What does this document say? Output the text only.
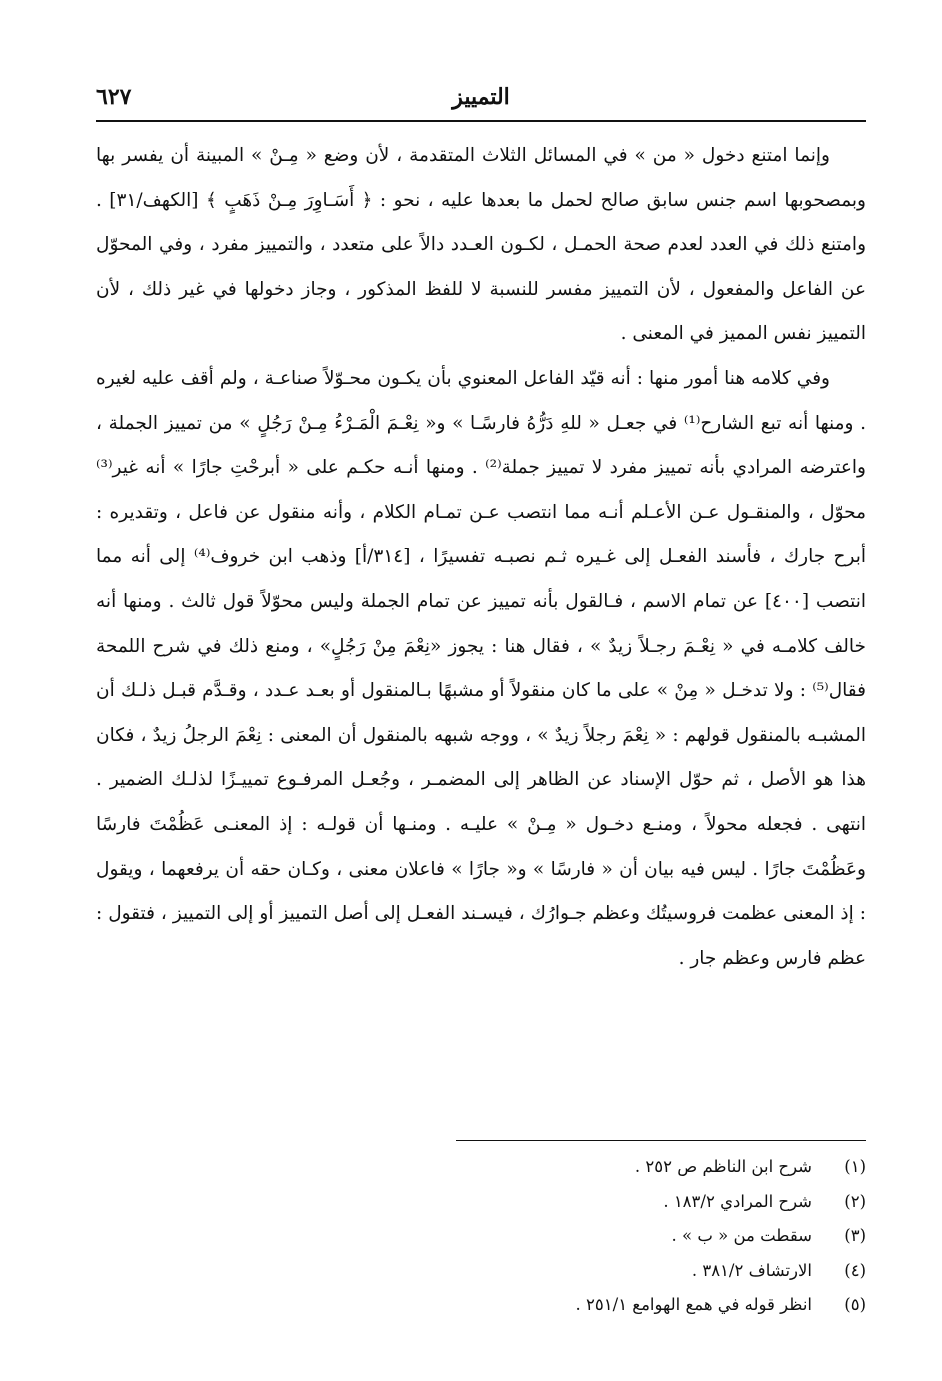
التمييز
٦٢٧

وإنما امتنع دخول « من » في المسائل الثلاث المتقدمة ، لأن وضع « مِـنْ » المبينة أن يفسر بها وبمصحوبها اسم جنس سابق صالح لحمل ما بعدها عليه ، نحو : ﴿ أَسَـاوِرَ مِـنْ ذَهَبٍ ﴾ [الكهف/٣١] . وامتنع ذلك في العدد لعدم صحة الحمـل ، لكـون العـدد دالاً على متعدد ، والتمييز مفرد ، وفي المحوّل عن الفاعل والمفعول ، لأن التمييز مفسر للنسبة لا للفظ المذكور ، وجاز دخولها في غير ذلك ، لأن التمييز نفس المميز في المعنى .

وفي كلامه هنا أمور منها : أنه قيّد الفاعل المعنوي بأن يكـون محـوّلاً صناعـة ، ولم أقف عليه لغيره . ومنها أنه تبع الشارح⁽¹⁾ في جعـل « للهِ دَرُّهُ فارسًـا » و« نِعْـمَ الْمَـرْءُ مِـنْ رَجُلٍ » من تمييز الجملة ، واعترضه المرادي بأنه تمييز مفرد لا تمييز جملة⁽²⁾ . ومنها أنـه حكـم على « أبرحْتِ جارًا » أنه غير⁽³⁾ محوّل ، والمنقـول عـن الأعـلم أنـه مما انتصب عـن تمـام الكلام ، وأنه منقول عن فاعل ، وتقديره : أبرح جارك ، فأسند الفعـل إلى غـيره ثـم نصبـه تفسيرًا ، [٣١٤/أ] وذهب ابن خروف⁽⁴⁾ إلى أنه مما انتصب [٤٠٠] عن تمام الاسم ، فـالقول بأنه تمييز عن تمام الجملة وليس محوّلاً قول ثالث . ومنها أنه خالف كلامـه في « نِعْـمَ رجـلاً زيدٌ » ، فقال هنا : يجوز «نِعْمَ مِنْ رَجُلٍ» ، ومنع ذلك في شرح اللمحة فقال⁽⁵⁾ : ولا تدخـل « مِنْ » على ما كان منقولاً أو مشبهًا بـالمنقول أو بعـد عـدد ، وقـدَّم قبـل ذلـك أن المشبـه بالمنقول قولهم : « نِعْمَ رجلاً زيدٌ » ، ووجه شبهه بالمنقول أن المعنى : نِعْمَ الرجلُ زيدٌ ، فكان هذا هو الأصل ، ثم حوّل الإسناد عن الظاهر إلى المضمـر ، وجُعـل المرفـوع تمييـزًا لذلـك الضمير . انتهى . فجعله محولاً ، ومنـع دخـول « مِـنْ » عليـه . ومنـها أن قولـه : إذ المعنـى عَظُمْتَ فارسًا وعَظُمْتَ جارًا . ليس فيه بيان أن « فارسًا » و« جارًا » فاعلان معنى ، وكـان حقه أن يرفعهما ، ويقول : إذ المعنى عظمت فروسيتُك وعظم جـوارُك ، فيسـند الفعـل إلى أصل التمييز أو إلى التمييز ، فتقول : عظم فارس وعظم جار .

(١)
شرح ابن الناظم ص ٢٥٢ .
(٢)
شرح المرادي ١٨٣/٢ .
(٣)
سقطت من « ب » .
(٤)
الارتشاف ٣٨١/٢ .
(٥)
انظر قوله في همع الهوامع ٢٥١/١ .
